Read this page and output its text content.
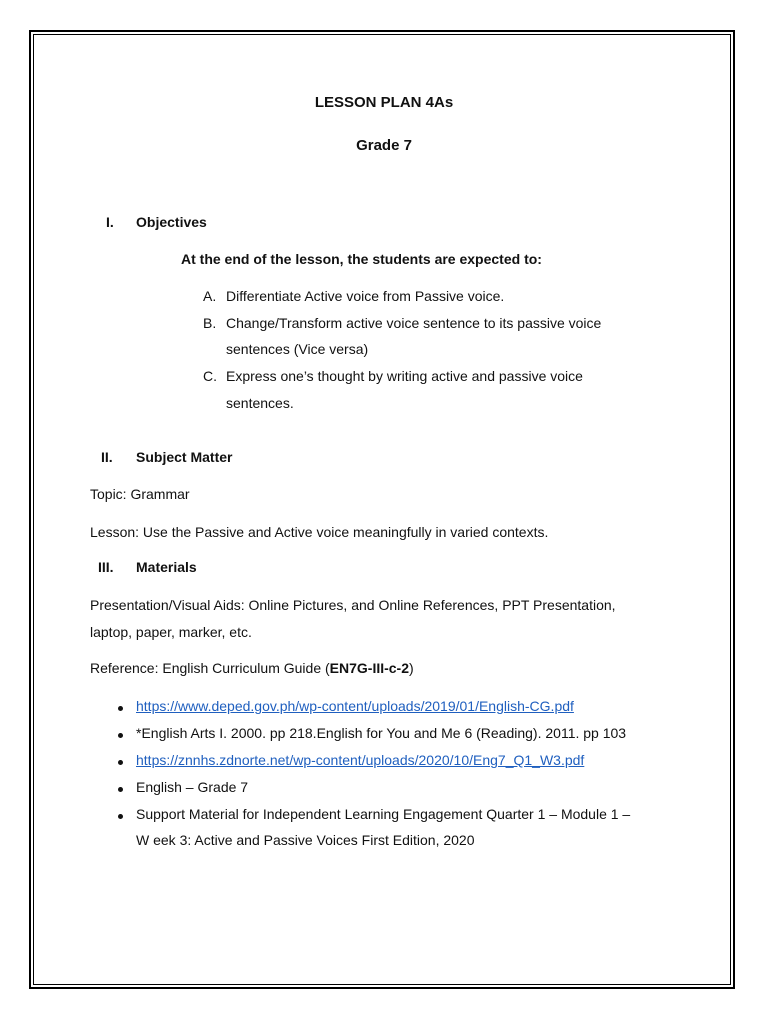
LESSON PLAN 4As
Grade 7
I. Objectives
At the end of the lesson, the students are expected to:
A. Differentiate Active voice from Passive voice.
B. Change/Transform active voice sentence to its passive voice
sentences (Vice versa)
C. Express one’s thought by writing active and passive voice
sentences.
II. Subject Matter
Topic: Grammar
Lesson: Use the Passive and Active voice meaningfully in varied contexts.
III. Materials
Presentation/Visual Aids: Online Pictures, and Online References, PPT Presentation,
laptop, paper, marker, etc.
Reference: English Curriculum Guide (EN7G-III-c-2)
https://www.deped.gov.ph/wp-content/uploads/2019/01/English-CG.pdf
*English Arts I. 2000. pp 218.English for You and Me 6 (Reading). 2011. pp 103
https://znnhs.zdnorte.net/wp-content/uploads/2020/10/Eng7_Q1_W3.pdf
English – Grade 7
Support Material for Independent Learning Engagement Quarter 1 – Module 1 –
W eek 3: Active and Passive Voices First Edition, 2020
